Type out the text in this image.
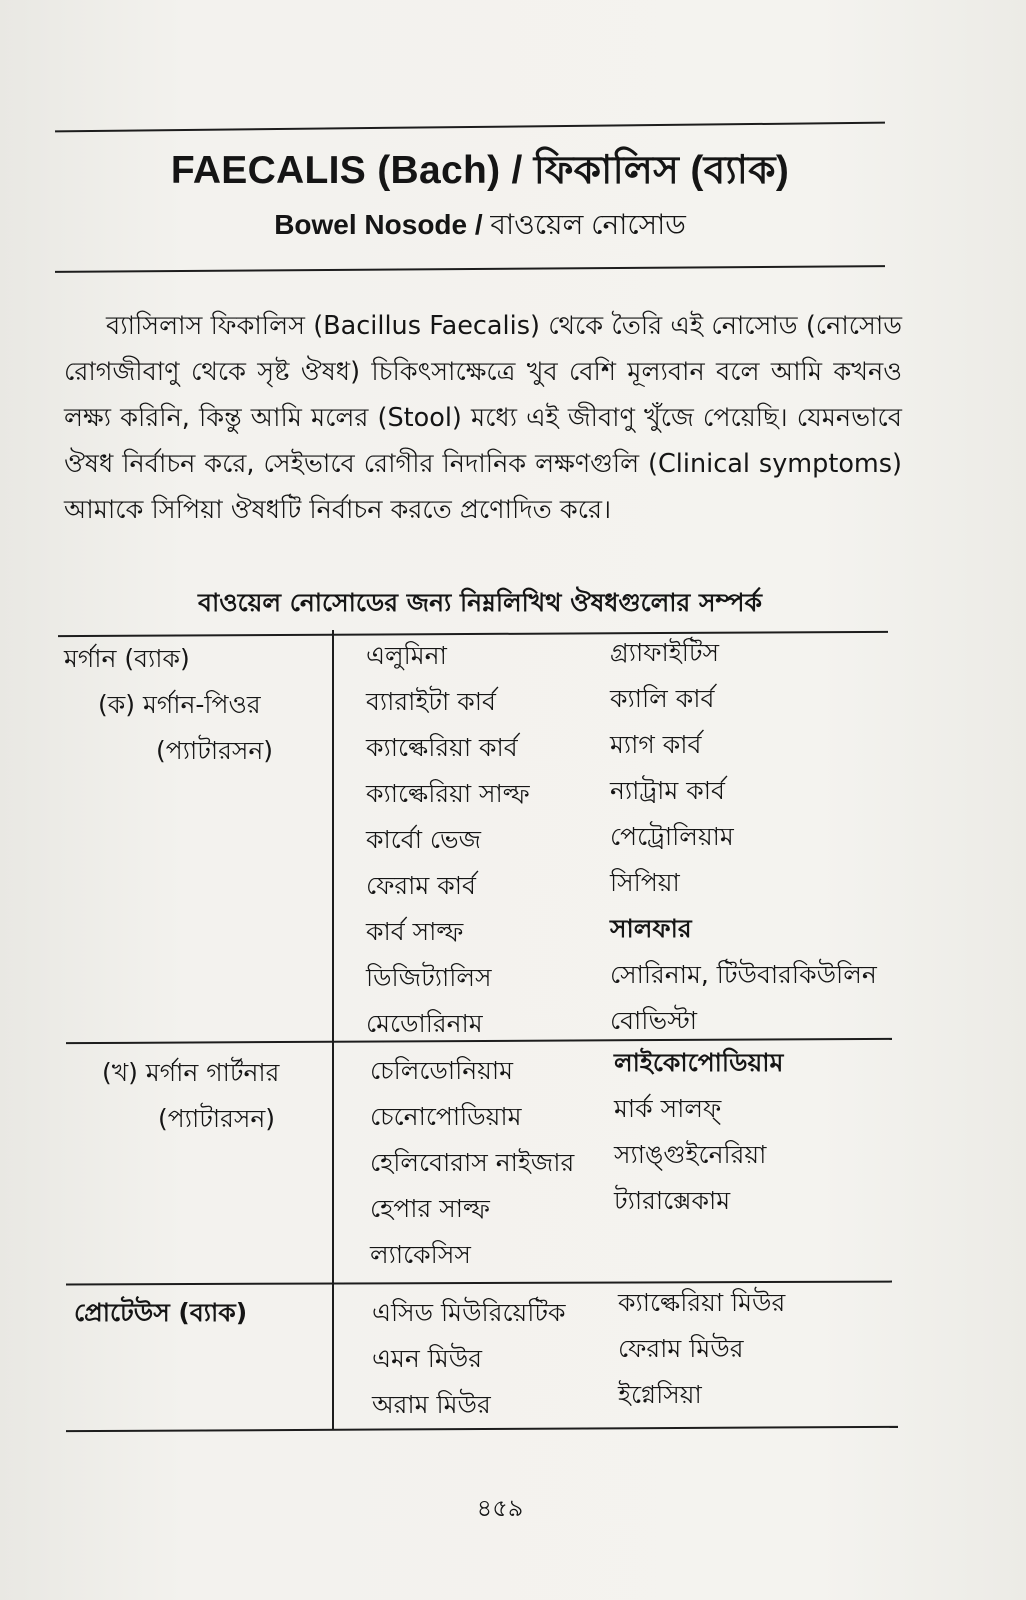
FAECALIS (Bach) / ফিকালিস (ব্যাক)
Bowel Nosode / বাওয়েল নোসোড

ব্যাসিলাস ফিকালিস (Bacillus Faecalis) থেকে তৈরি এই নোসোড (নোসোড রোগজীবাণু থেকে সৃষ্ট ঔষধ) চিকিৎসাক্ষেত্রে খুব বেশি মূল্যবান বলে আমি কখনও লক্ষ্য করিনি, কিন্তু আমি মলের (Stool) মধ্যে এই জীবাণু খুঁজে পেয়েছি। যেমনভাবে ঔষধ নির্বাচন করে, সেইভাবে রোগীর নিদানিক লক্ষণগুলি (Clinical symptoms) আমাকে সিপিয়া ঔষধটি নির্বাচন করতে প্রণোদিত করে।

বাওয়েল নোসোডের জন্য নিম্নলিখিথ ঔষধগুলোর সম্পর্ক
মর্গান (ব্যাক)
(ক) মর্গান-পিওর
(প্যাটারসন)
এলুমিনা
ব্যারাইটা কার্ব
ক্যাল্কেরিয়া কার্ব
ক্যাল্কেরিয়া সাল্ফ
কার্বো ভেজ
ফেরাম কার্ব
কার্ব সাল্ফ
ডিজিট্যালিস
মেডোরিনাম
গ্র্যাফাইটিস
ক্যালি কার্ব
ম্যাগ কার্ব
ন্যাট্রাম কার্ব
পেট্রোলিয়াম
সিপিয়া
সালফার
সোরিনাম, টিউবারকিউলিন
বোভিস্টা
(খ) মর্গান গার্টনার
(প্যাটারসন)
চেলিডোনিয়াম
চেনোপোডিয়াম
হেলিবোরাস নাইজার
হেপার সাল্ফ
ল্যাকেসিস
লাইকোপোডিয়াম
মার্ক সালফ্
স্যাঙ্গুইনেরিয়া
ট্যারাক্সেকাম
প্রোটেউস (ব্যাক)	এসিড মিউরিয়েটিক
এমন মিউর
অরাম মিউর
ক্যাল্কেরিয়া মিউর
ফেরাম মিউর
ইগ্নেসিয়া
৪৫৯
